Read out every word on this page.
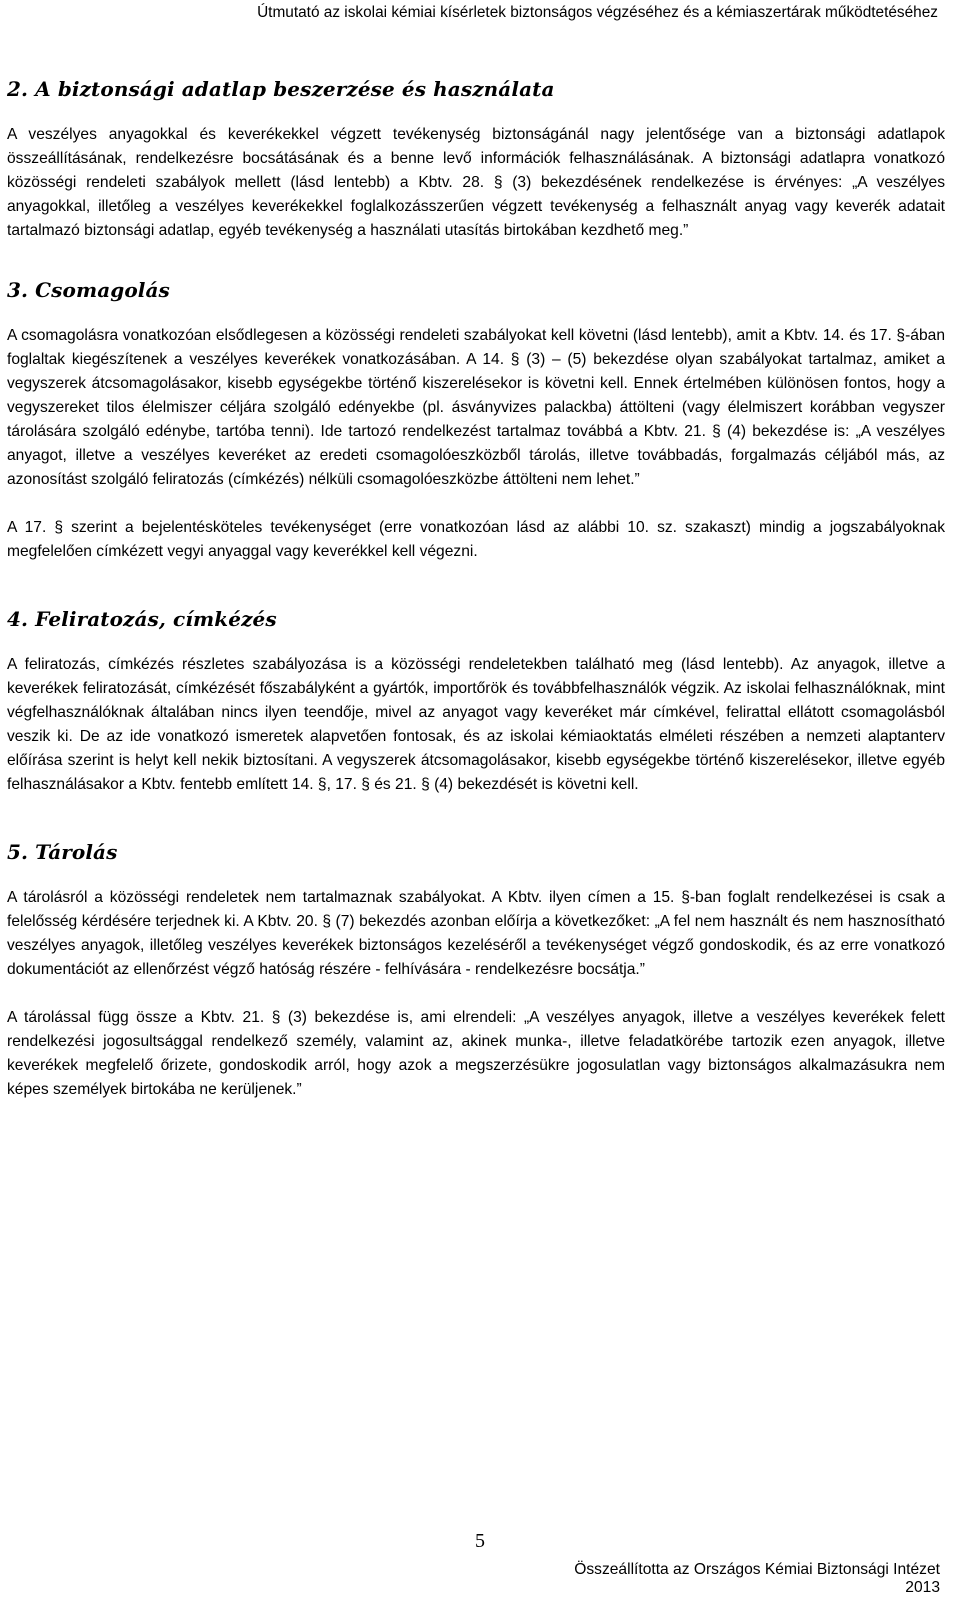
Útmutató az iskolai kémiai kísérletek biztonságos végzéséhez és a kémiaszertárak működtetéséhez
2. A biztonsági adatlap beszerzése és használata

A veszélyes anyagokkal és keverékekkel végzett tevékenység biztonságánál nagy jelentősége van a biztonsági adatlapok összeállításának, rendelkezésre bocsátásának és a benne levő információk felhasználásának. A biztonsági adatlapra vonatkozó közösségi rendeleti szabályok mellett (lásd lentebb) a Kbtv. 28. § (3) bekezdésének rendelkezése is érvényes: „A veszélyes anyagokkal, illetőleg a veszélyes keverékekkel foglalkozásszerűen végzett tevékenység a felhasznált anyag vagy keverék adatait tartalmazó biztonsági adatlap, egyéb tevékenység a használati utasítás birtokában kezdhető meg.”

3. Csomagolás

A csomagolásra vonatkozóan elsődlegesen a közösségi rendeleti szabályokat kell követni (lásd lentebb), amit a Kbtv. 14. és 17. §-ában foglaltak kiegészítenek a veszélyes keverékek vonatkozásában. A 14. § (3) – (5) bekezdése olyan szabályokat tartalmaz, amiket a vegyszerek átcsomagolásakor, kisebb egységekbe történő kiszerelésekor is követni kell. Ennek értelmében különösen fontos, hogy a vegyszereket tilos élelmiszer céljára szolgáló edényekbe (pl. ásványvizes palackba) áttölteni (vagy élelmiszert korábban vegyszer tárolására szolgáló edénybe, tartóba tenni). Ide tartozó rendelkezést tartalmaz továbbá a Kbtv. 21. § (4) bekezdése is: „A veszélyes anyagot, illetve a veszélyes keveréket az eredeti csomagolóeszközből tárolás, illetve továbbadás, forgalmazás céljából más, az azonosítást szolgáló feliratozás (címkézés) nélküli csomagolóeszközbe áttölteni nem lehet.”

A 17. § szerint a bejelentésköteles tevékenységet (erre vonatkozóan lásd az alábbi 10. sz. szakaszt) mindig a jogszabályoknak megfelelően címkézett vegyi anyaggal vagy keverékkel kell végezni.

4. Feliratozás, címkézés

A feliratozás, címkézés részletes szabályozása is a közösségi rendeletekben található meg (lásd lentebb). Az anyagok, illetve a keverékek feliratozását, címkézését főszabályként a gyártók, importőrök és továbbfelhasználók végzik. Az iskolai felhasználóknak, mint végfelhasználóknak általában nincs ilyen teendője, mivel az anyagot vagy keveréket már címkével, felirattal ellátott csomagolásból veszik ki. De az ide vonatkozó ismeretek alapvetően fontosak, és az iskolai kémiaoktatás elméleti részében a nemzeti alaptanterv előírása szerint is helyt kell nekik biztosítani. A vegyszerek átcsomagolásakor, kisebb egységekbe történő kiszerelésekor, illetve egyéb felhasználásakor a Kbtv. fentebb említett 14. §, 17. § és 21. § (4) bekezdését is követni kell.

5. Tárolás

A tárolásról a közösségi rendeletek nem tartalmaznak szabályokat. A Kbtv. ilyen címen a 15. §-ban foglalt rendelkezései is csak a felelősség kérdésére terjednek ki. A Kbtv. 20. § (7) bekezdés azonban előírja a következőket: „A fel nem használt és nem hasznosítható veszélyes anyagok, illetőleg veszélyes keverékek biztonságos kezeléséről a tevékenységet végző gondoskodik, és az erre vonatkozó dokumentációt az ellenőrzést végző hatóság részére - felhívására - rendelkezésre bocsátja.”

A tárolással függ össze a Kbtv. 21. § (3) bekezdése is, ami elrendeli: „A veszélyes anyagok, illetve a veszélyes keverékek felett rendelkezési jogosultsággal rendelkező személy, valamint az, akinek munka-, illetve feladatkörébe tartozik ezen anyagok, illetve keverékek megfelelő őrizete, gondoskodik arról, hogy azok a megszerzésükre jogosulatlan vagy biztonságos alkalmazásukra nem képes személyek birtokába ne kerüljenek.”

5
Összeállította az Országos Kémiai Biztonsági Intézet
2013
